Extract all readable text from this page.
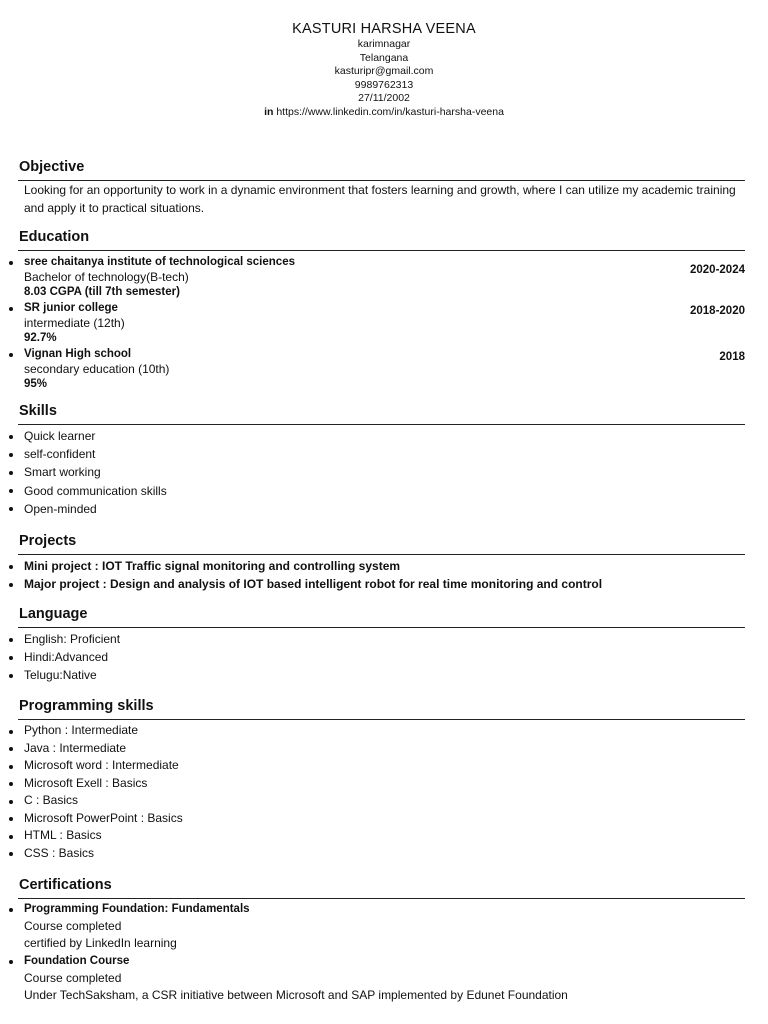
KASTURI HARSHA VEENA
karimnagar
Telangana
kasturipr@gmail.com
9989762313
27/11/2002
in https://www.linkedin.com/in/kasturi-harsha-veena
Objective
Looking for an opportunity to work in a dynamic environment that fosters learning and growth, where I can utilize my academic training and apply it to practical situations.
Education
2020-2024
sree chaitanya institute of technological sciences
Bachelor of technology(B-tech)
8.03 CGPA (till 7th semester)
2018-2020
SR junior college
intermediate (12th)
92.7%
2018
Vignan High school
secondary education (10th)
95%
Skills
Quick learner
self-confident
Smart working
Good communication skills
Open-minded
Projects
Mini project : IOT Traffic signal monitoring and controlling system
Major project : Design and analysis of IOT based intelligent robot for real time monitoring and control
Language
English: Proficient
Hindi:Advanced
Telugu:Native
Programming skills
Python : Intermediate
Java : Intermediate
Microsoft word : Intermediate
Microsoft Exell : Basics
C : Basics
Microsoft PowerPoint : Basics
HTML : Basics
CSS : Basics
Certifications
Programming Foundation: Fundamentals
Course completed
certified by LinkedIn learning
Foundation Course
Course completed
Under TechSaksham, a CSR initiative between Microsoft and SAP implemented by Edunet Foundation
